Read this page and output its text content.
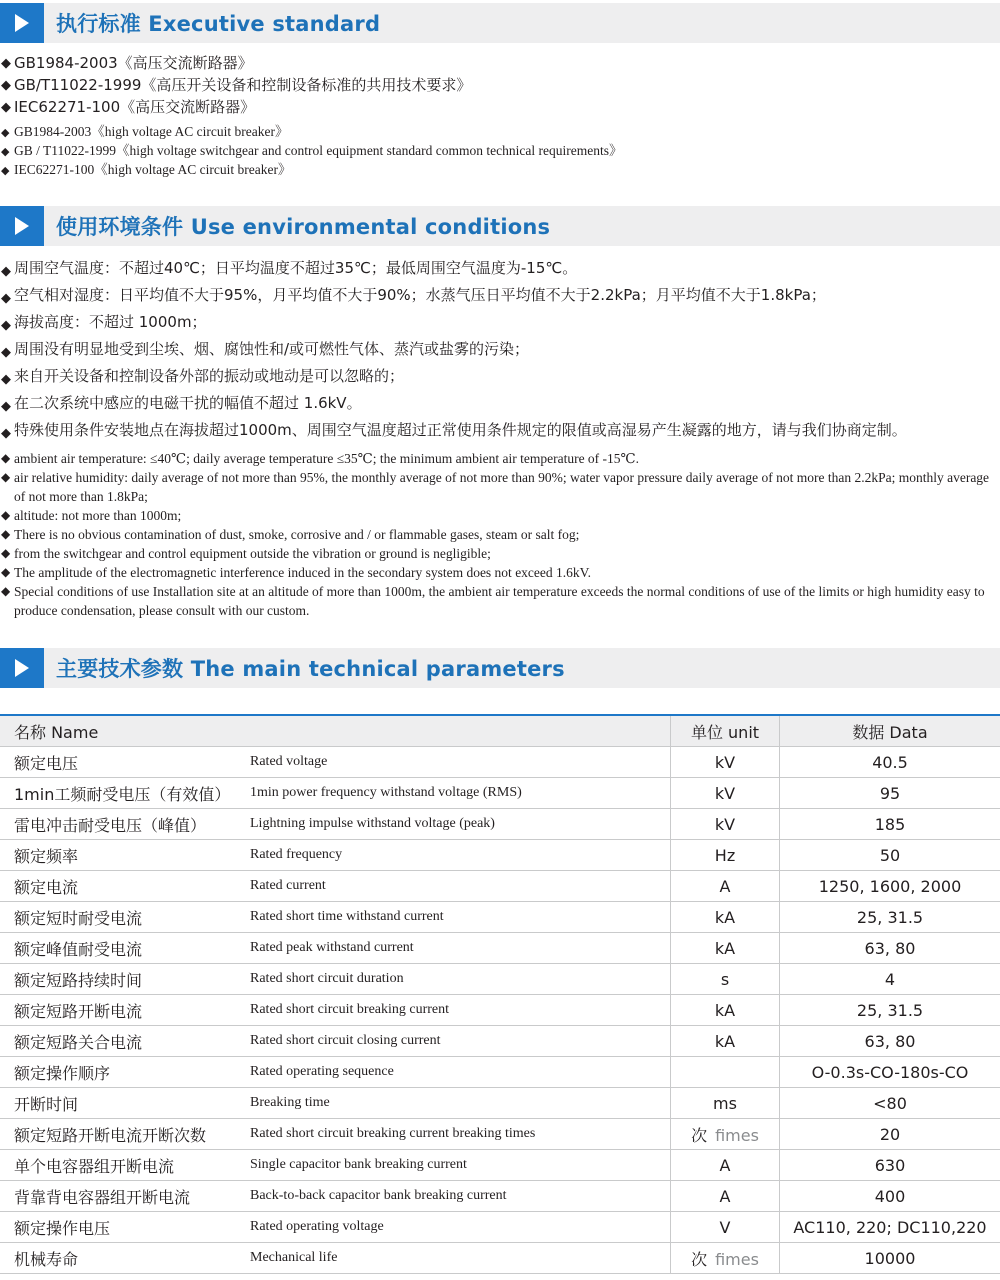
执行标准 Executive standard
◆ GB1984-2003《高压交流断路器》
◆ GB/T11022-1999《高压开关设备和控制设备标准的共用技术要求》
◆ IEC62271-100《高压交流断路器》
◆ GB1984-2003《high voltage AC circuit breaker》
◆ GB / T11022-1999《high voltage switchgear and control equipment standard common technical requirements》
◆ IEC62271-100《high voltage AC circuit breaker》
使用环境条件 Use environmental conditions
◆ 周围空气温度：不超过40℃；日平均温度不超过35℃；最低周围空气温度为-15℃。
◆ 空气相对湿度：日平均值不大于95%，月平均值不大于90%；水蒸气压日平均值不大于2.2kPa；月平均值不大于1.8kPa；
◆ 海拔高度：不超过 1000m；
◆ 周围没有明显地受到尘埃、烟、腐蚀性和/或可燃性气体、蒸汽或盐雾的污染；
◆ 来自开关设备和控制设备外部的振动或地动是可以忽略的；
◆ 在二次系统中感应的电磁干扰的幅值不超过 1.6kV。
◆ 特殊使用条件安装地点在海拔超过1000m、周围空气温度超过正常使用条件规定的限值或高湿易产生凝露的地方，请与我们协商定制。
◆ ambient air temperature: ≤40℃; daily average temperature ≤35℃; the minimum ambient air temperature of -15℃.
◆ air relative humidity: daily average of not more than 95%, the monthly average of not more than 90%; water vapor pressure daily average of not more than 2.2kPa; monthly average of not more than 1.8kPa;
◆ altitude: not more than 1000m;
◆ There is no obvious contamination of dust, smoke, corrosive and / or flammable gases, steam or salt fog;
◆ from the switchgear and control equipment outside the vibration or ground is negligible;
◆ The amplitude of the electromagnetic interference induced in the secondary system does not exceed 1.6kV.
◆ Special conditions of use Installation site at an altitude of more than 1000m, the ambient air temperature exceeds the normal conditions of use of the limits or high humidity easy to produce condensation, please consult with our custom.
主要技术参数 The main technical parameters
名称 Name		单位 unit	数据 Data
额定电压	Rated voltage	kV	40.5
1min工频耐受电压（有效值）	1min power frequency withstand voltage (RMS)	kV	95
雷电冲击耐受电压（峰值）	Lightning impulse withstand voltage (peak)	kV	185
额定频率	Rated frequency	Hz	50
额定电流	Rated current	A	1250, 1600, 2000
额定短时耐受电流	Rated short time withstand current	kA	25, 31.5
额定峰值耐受电流	Rated peak withstand current	kA	63, 80
额定短路持续时间	Rated short circuit duration	s	4
额定短路开断电流	Rated short circuit breaking current	kA	25, 31.5
额定短路关合电流	Rated short circuit closing current	kA	63, 80
额定操作顺序	Rated operating sequence		O-0.3s-CO-180s-CO
开断时间	Breaking time	ms	<80
额定短路开断电流开断次数	Rated short circuit breaking current breaking times	次 fimes	20
单个电容器组开断电流	Single capacitor bank breaking current	A	630
背靠背电容器组开断电流	Back-to-back capacitor bank breaking current	A	400
额定操作电压	Rated operating voltage	V	AC110, 220; DC110,220
机械寿命	Mechanical life	次 fimes	10000
